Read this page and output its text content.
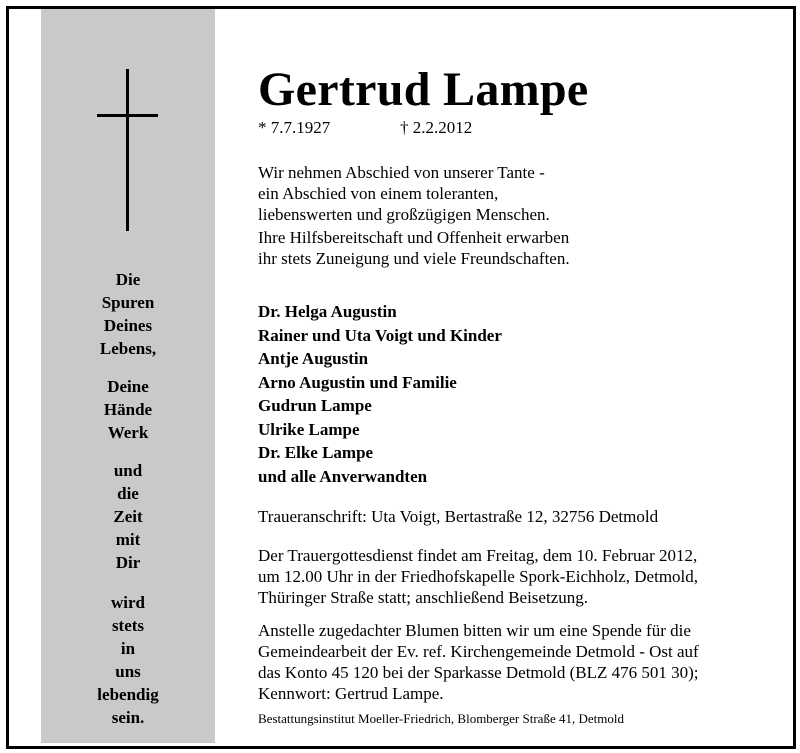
Die
Spuren
Deines
Lebens,
Deine
Hände
Werk
und
die
Zeit
mit
Dir
wird
stets
in
uns
lebendig
sein.
Gertrud Lampe
* 7.7.1927	† 2.2.2012
Wir nehmen Abschied von unserer Tante -
ein Abschied von einem toleranten,
liebenswerten und großzügigen Menschen.
Ihre Hilfsbereitschaft und Offenheit erwarben
ihr stets Zuneigung und viele Freundschaften.
Dr. Helga Augustin
Rainer und Uta Voigt und Kinder
Antje Augustin
Arno Augustin und Familie
Gudrun Lampe
Ulrike Lampe
Dr. Elke Lampe
und alle Anverwandten
Traueranschrift: Uta Voigt, Bertastraße 12, 32756 Detmold
Der Trauergottesdienst findet am Freitag, dem 10. Februar 2012,
um 12.00 Uhr in der Friedhofskapelle Spork-Eichholz, Detmold,
Thüringer Straße statt; anschließend Beisetzung.
Anstelle zugedachter Blumen bitten wir um eine Spende für die
Gemeindearbeit der Ev. ref. Kirchengemeinde Detmold - Ost auf
das Konto 45 120 bei der Sparkasse Detmold (BLZ 476 501 30);
Kennwort: Gertrud Lampe.
Bestattungsinstitut Moeller-Friedrich, Blomberger Straße 41, Detmold
